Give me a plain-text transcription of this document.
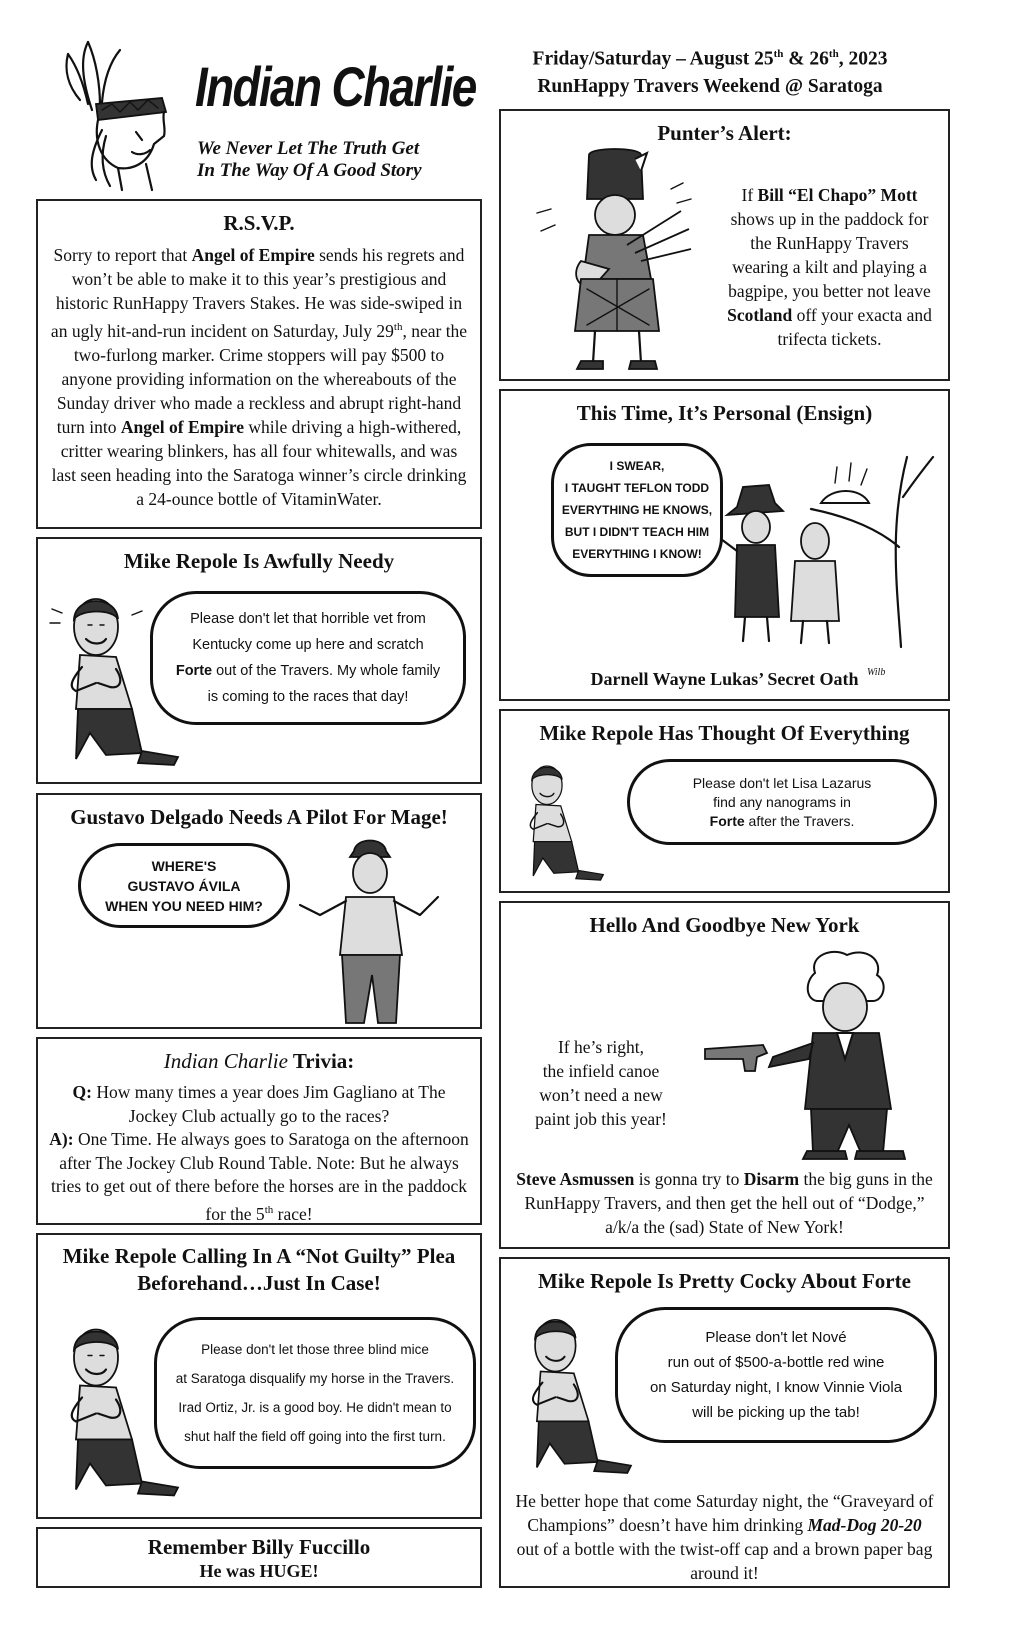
Indian Charlie
We Never Let The Truth Get
In The Way Of A Good Story
Friday/Saturday – August 25th & 26th, 2023
RunHappy Travers Weekend @ Saratoga
R.S.V.P.
Sorry to report that Angel of Empire sends his regrets and won’t be able to make it to this year’s prestigious and historic RunHappy Travers Stakes. He was side-swiped in an ugly hit-and-run incident on Saturday, July 29th, near the two-furlong marker. Crime stoppers will pay $500 to anyone providing information on the whereabouts of the Sunday driver who made a reckless and abrupt right-hand turn into Angel of Empire while driving a high-withered, critter wearing blinkers, has all four whitewalls, and was last seen heading into the Saratoga winner’s circle drinking a 24-ounce bottle of VitaminWater.
Mike Repole Is Awfully Needy
Please don't let that horrible vet from
Kentucky come up here and scratch
Forte out of the Travers. My whole family
is coming to the races that day!
Gustavo Delgado Needs A Pilot For Mage!
WHERE'S
GUSTAVO ÁVILA
WHEN YOU NEED HIM?
Indian Charlie Trivia:
Q: How many times a year does Jim Gagliano at The Jockey Club actually go to the races?
A): One Time. He always goes to Saratoga on the afternoon after The Jockey Club Round Table. Note: But he always tries to get out of there before the horses are in the paddock for the 5th race!
Mike Repole Calling In A “Not Guilty” Plea
Beforehand…Just In Case!
Please don't let those three blind mice
at Saratoga disqualify my horse in the Travers.
Irad Ortiz, Jr. is a good boy. He didn't mean to
shut half the field off going into the first turn.
Remember Billy Fuccillo
He was HUGE!
Punter’s Alert:
If Bill “El Chapo” Mott shows up in the paddock for the RunHappy Travers wearing a kilt and playing a bagpipe, you better not leave Scotland off your exacta and trifecta tickets.
This Time, It’s Personal (Ensign)
I SWEAR,
I TAUGHT TEFLON TODD
EVERYTHING HE KNOWS,
BUT I DIDN'T TEACH HIM
EVERYTHING I KNOW!
Wilb
Darnell Wayne Lukas’ Secret Oath
Mike Repole Has Thought Of Everything
Please don't let Lisa Lazarus
find any nanograms in
Forte after the Travers.
Hello And Goodbye New York
If he’s right,
the infield canoe
won’t need a new
paint job this year!
Steve Asmussen is gonna try to Disarm the big guns in the RunHappy Travers, and then get the hell out of “Dodge,” a/k/a the (sad) State of New York!
Mike Repole Is Pretty Cocky About Forte
Please don't let Nové
run out of $500-a-bottle red wine
on Saturday night, I know Vinnie Viola
will be picking up the tab!
He better hope that come Saturday night, the “Graveyard of Champions” doesn’t have him drinking Mad-Dog 20-20 out of a bottle with the twist-off cap and a brown paper bag around it!
